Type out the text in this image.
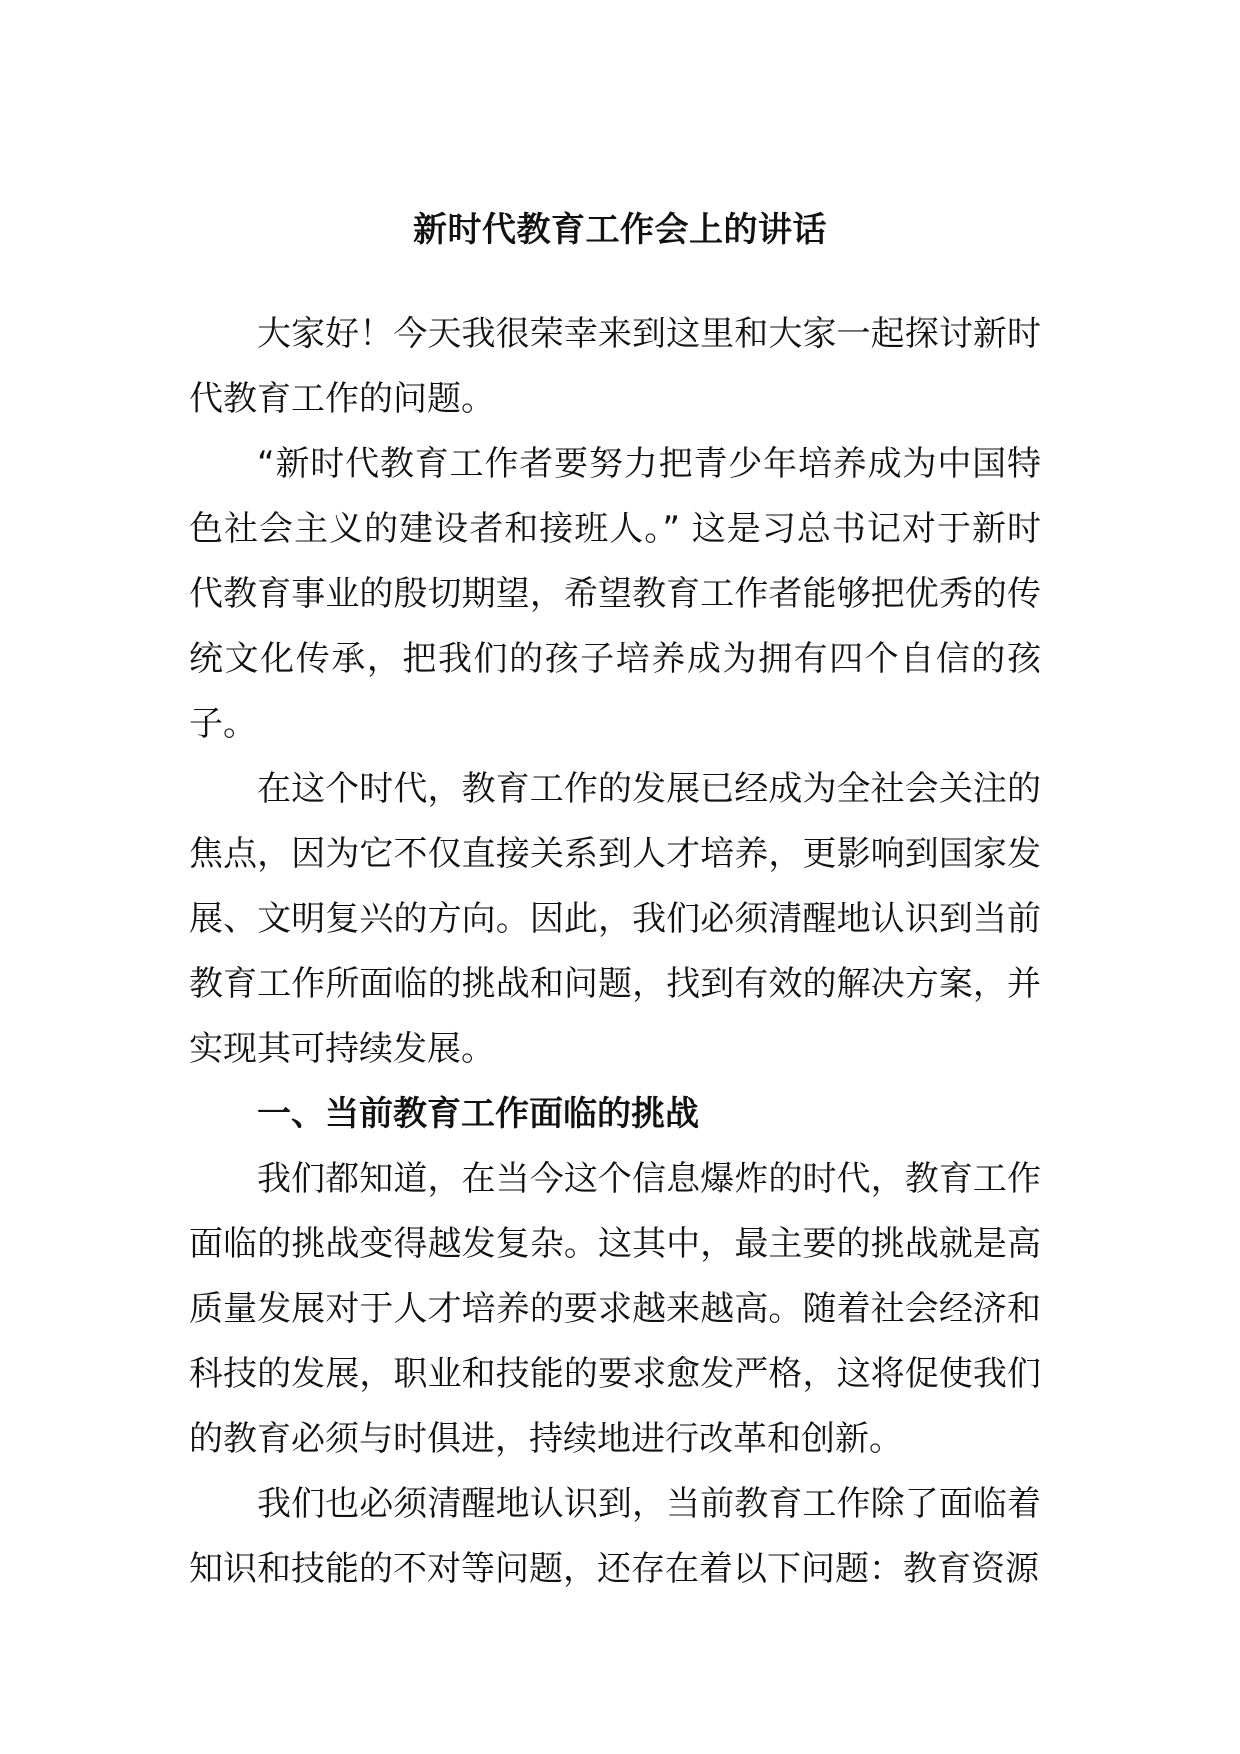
新时代教育工作会上的讲话

大家好！今天我很荣幸来到这里和大家一起探讨新时代教育工作的问题。

“新时代教育工作者要努力把青少年培养成为中国特色社会主义的建设者和接班人。” 这是习总书记对于新时代教育事业的殷切期望，希望教育工作者能够把优秀的传统文化传承，把我们的孩子培养成为拥有四个自信的孩子。

在这个时代，教育工作的发展已经成为全社会关注的焦点，因为它不仅直接关系到人才培养，更影响到国家发展、文明复兴的方向。因此，我们必须清醒地认识到当前教育工作所面临的挑战和问题，找到有效的解决方案，并实现其可持续发展。

一、当前教育工作面临的挑战

我们都知道，在当今这个信息爆炸的时代，教育工作面临的挑战变得越发复杂。这其中，最主要的挑战就是高质量发展对于人才培养的要求越来越高。随着社会经济和科技的发展，职业和技能的要求愈发严格，这将促使我们的教育必须与时俱进，持续地进行改革和创新。

我们也必须清醒地认识到，当前教育工作除了面临着知识和技能的不对等问题，还存在着以下问题：教育资源
